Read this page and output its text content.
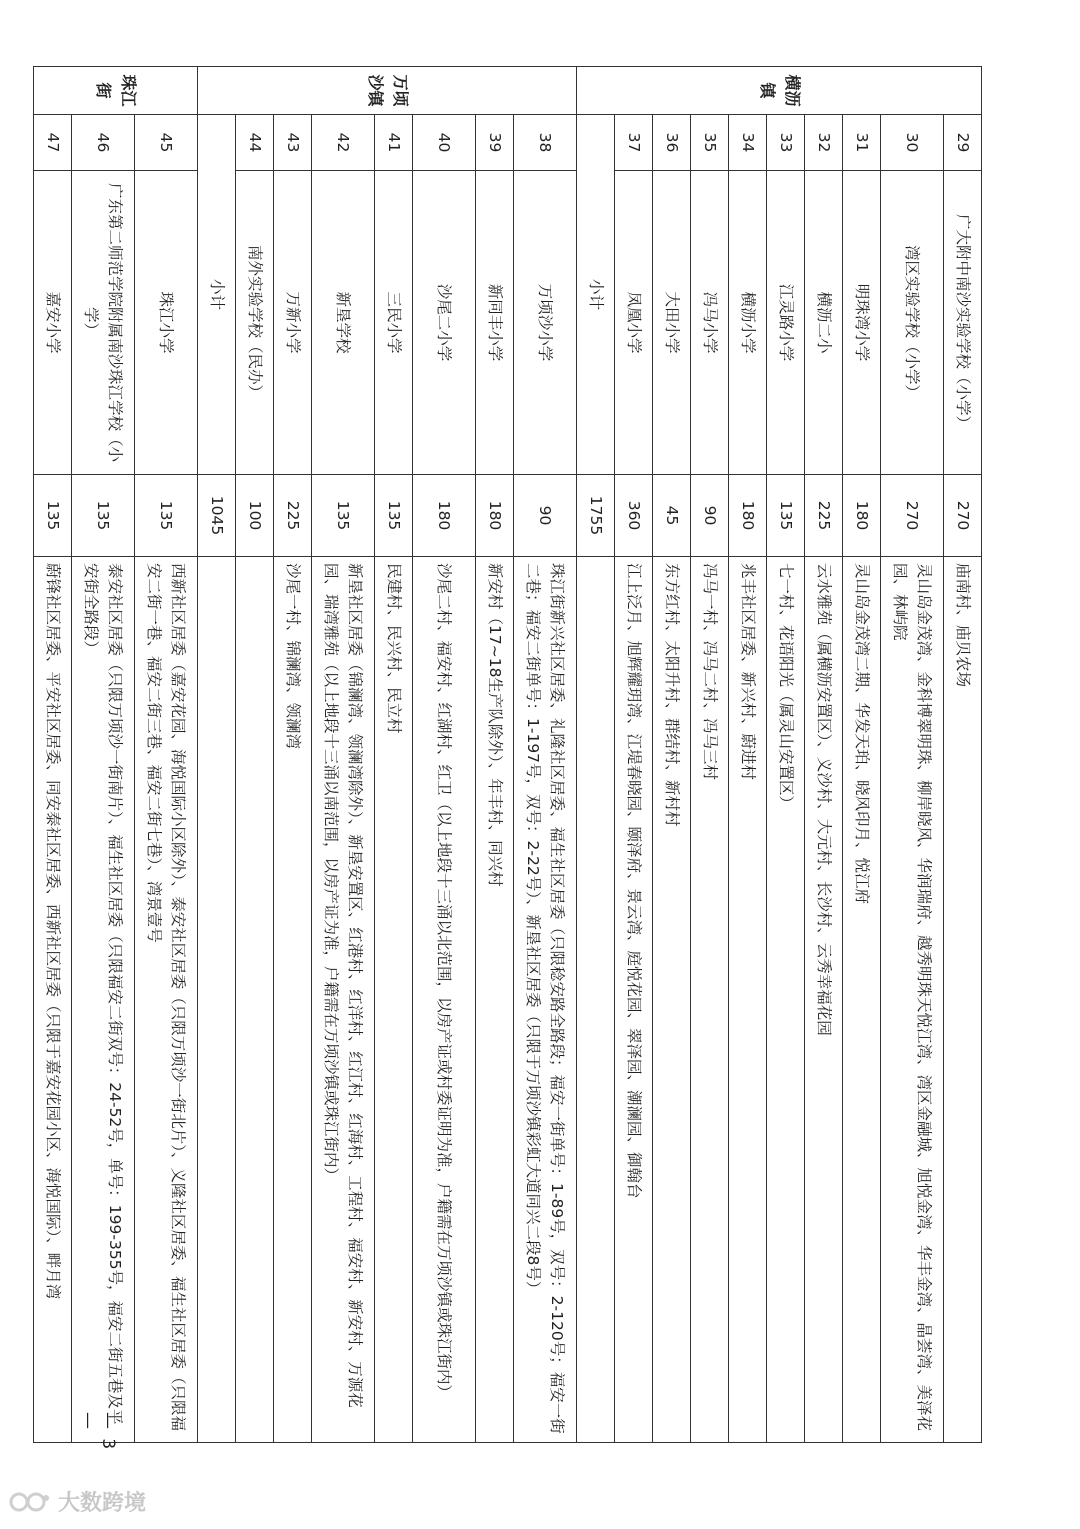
横沥镇	29	广大附中南沙实验学校（小学）	270	庙南村、庙贝农场
	30	湾区实验学校（小学）	270	灵山岛金茂湾、金科博翠明珠、柳岸晓风、华润瑞府、越秀明珠天悦江湾、湾区金融城、旭悦金湾、华丰金湾、晶荟湾、美泽花园、林屿院
	31	明珠湾小学	180	灵山岛金茂湾二期、华发天珀、晓风印月、悦江府
	32	横沥二小	225	云水雅苑（属横沥安置区）、义沙村、大元村、长沙村、云秀幸福花园
	33	江灵路小学	135	七一村、花语阳光（属灵山安置区）
	34	横沥小学	180	兆丰社区居委、新兴村、蔚进村
	35	冯马小学	90	冯马一村、冯马二村、冯马三村
	36	大田小学	45	东方红村、太阳升村、群结村、新村村
	37	凤凰小学	360	江上泛月、旭辉耀玥湾、江堤春晓园、颐泽府、景云湾、庭悦花园、翠泽园、潮澜园、御翰台
	小计		1755	
万顷沙镇	38	万顷沙小学	90	珠江街新兴社区居委、礼隆社区居委、福生社区居委（只限稔安路全路段；福安一街单号：1-89号，双号：2-120号；福安一街二巷；福安二街单号：1-197号，双号：2-22号）、新垦社区居委（只限于万顷沙镇彩虹大道同兴二段8号）
	39	新同丰小学	180	新安村（17~18生产队除外）、年丰村、同兴村
	40	沙尾二小学	180	沙尾二村、福安村、红湖村、红卫（以上地段十三涌以北范围，以房产证或村委证明为准，户籍需在万顷沙镇或珠江街内）
	41	三民小学	135	民建村、民兴村、民立村
	42	新垦学校	135	新垦社区居委（锦澜湾、领澜湾除外）、新垦安置区、红港村、红洋村、红江村、红海村、工程村、福安村、新安村、万源花园、瑞湾雅苑（以上地段十三涌以南范围，以房产证为准，户籍需在万顷沙镇或珠江街内）
	43	万新小学	225	沙尾一村、锦澜湾、领澜湾
	44	南外实验学校（民办）	100	
	小计		1045	
珠江街	45	珠江小学	135	西新社区居委（嘉安花园、海悦国际小区除外）、泰安社区居委（只限万顷沙一街北片）、义隆社区居委、福生社区居委（只限福安二街一巷、福安二街三巷、福安二街七巷）、湾景壹号
	46	广东第二师范学院附属南沙珠江学校（小学）	135	泰安社区居委（只限万顷沙一街南片）、福生社区居委（只限福安二街双号：24-52号，单号：199-355号，福安二街五巷及平安街全路段）
	47	嘉安小学	135	蔚锋社区居委、平安社区居委、同安泰社区居委、西新社区居委（只限于嘉安花园小区、海悦国际）、畔月湾
— 3 —
大数跨境
